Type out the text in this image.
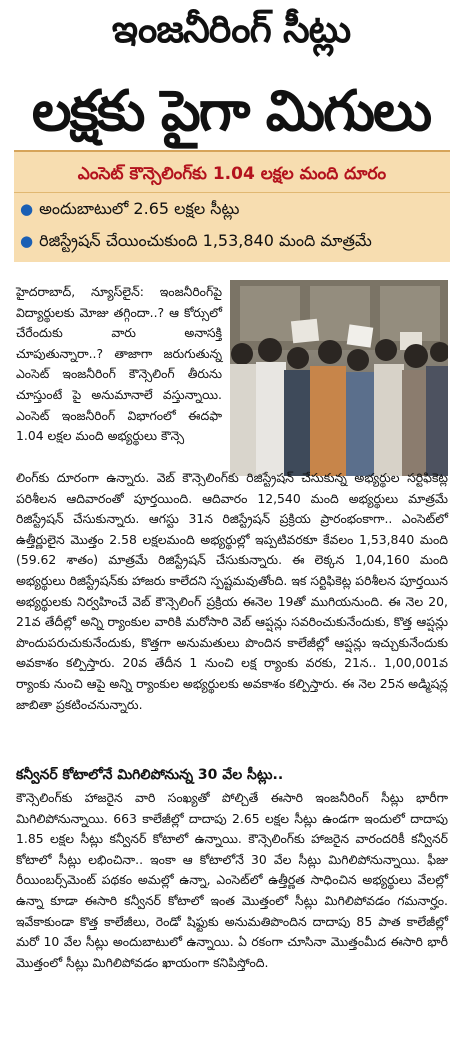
ఇంజనీరింగ్ సీట్లు
లక్షకు పైగా మిగులు
ఎంసెట్ కౌన్సెలింగ్‌కు 1.04 లక్షల మంది దూరం
● అందుబాటులో 2.65 లక్షల సీట్లు
● రిజిస్ట్రేషన్ చేయించుకుంది 1,53,840 మంది మాత్రమే
హైదరాబాద్, న్యూస్‌లైన్: ఇంజనీరింగ్‌పై విద్యార్థులకు మోజు తగ్గిందా..? ఆ కోర్సులో చేరేందుకు వారు అనాసక్తి చూపుతున్నారా..? తాజాగా జరుగుతున్న ఎంసెట్ ఇంజనీరింగ్ కౌన్సెలింగ్ తీరును చూస్తుంటే పై అనుమానాలే వస్తున్నాయి. ఎంసెట్ ఇంజనీరింగ్ విభాగంలో ఈదఫా 1.04 లక్షల మంది అభ్యర్థులు కౌన్సె
లింగ్‌కు దూరంగా ఉన్నారు. వెబ్ కౌన్సెలింగ్‌కు రిజిస్ట్రేషన్ చేసుకున్న అభ్యర్థుల సర్టిఫికెట్ల పరిశీలన ఆదివారంతో పూర్తయింది. ఆదివారం 12,540 మంది అభ్యర్థులు మాత్రమే రిజిస్ట్రేషన్ చేసుకున్నారు. ఆగస్టు 31న రిజిస్ట్రేషన్ ప్రక్రియ ప్రారంభంకాగా.. ఎంసెట్‌లో ఉత్తీర్ణులైన మొత్తం 2.58 లక్షలమంది అభ్యర్థుల్లో ఇప్పటివరకూ కేవలం 1,53,840 మంది (59.62 శాతం) మాత్రమే రిజిస్ట్రేషన్ చేసుకున్నారు. ఈ లెక్కన 1,04,160 మంది అభ్యర్థులు రిజిస్ట్రేషన్‌కు హాజరు కాలేదని స్పష్టమవుతోంది. ఇక సర్టిఫికెట్ల పరిశీలన పూర్తయిన అభ్యర్థులకు నిర్వహించే వెబ్ కౌన్సెలింగ్ ప్రక్రియ ఈనెల 19తో ముగియనుంది. ఈ నెల 20, 21వ తేదీల్లో అన్ని ర్యాంకుల వారికి మరోసారి వెబ్ ఆప్షన్లు సవరించుకునేందుకు, కొత్త ఆప్షన్లు పొందుపరుచుకునేందుకు, కొత్తగా అనుమతులు పొందిన కాలేజీల్లో ఆప్షన్లు ఇచ్చుకునేందుకు అవకాశం కల్పిస్తారు. 20వ తేదీన 1 నుంచి లక్ష ర్యాంకు వరకు, 21న.. 1,00,001వ ర్యాంకు నుంచి ఆపై అన్ని ర్యాంకుల అభ్యర్థులకు అవకాశం కల్పిస్తారు. ఈ నెల 25న అడ్మిషన్ల జాబితా ప్రకటించనున్నారు.
కన్వీనర్ కోటాలోనే మిగిలిపోనున్న 30 వేల సీట్లు..
కౌన్సెలింగ్‌కు హాజరైన వారి సంఖ్యతో పోల్చితే ఈసారి ఇంజనీరింగ్ సీట్లు భారీగా మిగిలిపోనున్నాయి. 663 కాలేజీల్లో దాదాపు 2.65 లక్షల సీట్లు ఉండగా ఇందులో దాదాపు 1.85 లక్షల సీట్లు కన్వీనర్ కోటాలో ఉన్నాయి. కౌన్సెలింగ్‌కు హాజరైన వారందరికీ కన్వీనర్ కోటాలో సీట్లు లభించినా.. ఇంకా ఆ కోటాలోనే 30 వేల సీట్లు మిగిలిపోనున్నాయి. ఫీజు రీయింబర్స్‌మెంట్ పథకం అమల్లో ఉన్నా, ఎంసెట్‌లో ఉత్తీర్ణత సాధించిన అభ్యర్థులు వేలల్లో ఉన్నా కూడా ఈసారి కన్వీనర్ కోటాలో ఇంత మొత్తంలో సీట్లు మిగిలిపోవడం గమనార్హం. ఇవేకాకుండా కొత్త కాలేజీలు, రెండో షిఫ్టుకు అనుమతిపొందిన దాదాపు 85 పాత కాలేజీల్లో మరో 10 వేల సీట్లు అందుబాటులో ఉన్నాయి. ఏ రకంగా చూసినా మొత్తంమీద ఈసారి భారీ మొత్తంలో సీట్లు మిగిలిపోవడం ఖాయంగా కనిపిస్తోంది.
